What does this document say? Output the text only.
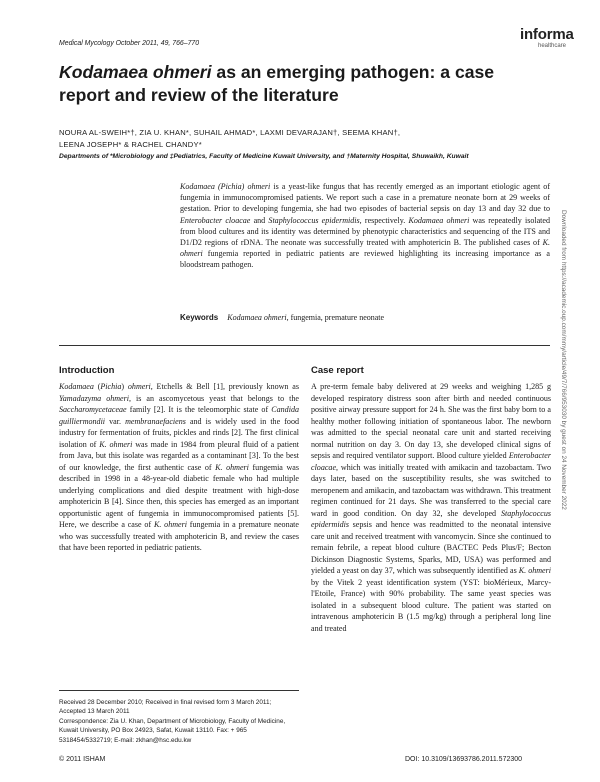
Medical Mycology October 2011, 49, 766–770
informa
healthcare
Kodamaea ohmeri as an emerging pathogen: a case report and review of the literature
NOURA AL-SWEIH*†, ZIA U. KHAN*, SUHAIL AHMAD*, LAXMI DEVARAJAN†, SEEMA KHAN†,
LEENA JOSEPH* & RACHEL CHANDY*
Departments of *Microbiology and ‡Pediatrics, Faculty of Medicine Kuwait University, and †Maternity Hospital, Shuwaikh, Kuwait
Kodamaea (Pichia) ohmeri is a yeast-like fungus that has recently emerged as an important etiologic agent of fungemia in immunocompromised patients. We report such a case in a premature neonate born at 29 weeks of gestation. Prior to developing fungemia, she had two episodes of bacterial sepsis on day 13 and day 32 due to Enterobacter cloacae and Staphylococcus epidermidis, respectively. Kodamaea ohmeri was repeatedly isolated from blood cultures and its identity was determined by phenotypic characteristics and sequencing of the ITS and D1/D2 regions of rDNA. The neonate was successfully treated with amphotericin B. The published cases of K. ohmeri fungemia reported in pediatric patients are reviewed highlighting its increasing importance as a bloodstream pathogen.
Keywords Kodamaea ohmeri, fungemia, premature neonate
Introduction
Kodamaea (Pichia) ohmeri, Etchells & Bell [1], previously known as Yamadazyma ohmeri, is an ascomycetous yeast that belongs to the Saccharomycetaceae family [2]. It is the teleomorphic state of Candida guilliermondii var. membranaefaciens and is widely used in the food industry for fermentation of fruits, pickles and rinds [2]. The first clinical isolation of K. ohmeri was made in 1984 from pleural fluid of a patient from Java, but this isolate was regarded as a contaminant [3]. To the best of our knowledge, the first authentic case of K. ohmeri fungemia was described in 1998 in a 48-year-old diabetic female who had multiple underlying complications and died despite treatment with high-dose amphotericin B [4]. Since then, this species has emerged as an important opportunistic agent of fungemia in immunocompromised patients [5]. Here, we describe a case of K. ohmeri fungemia in a premature neonate who was successfully treated with amphotericin B, and review the cases that have been reported in pediatric patients.
Received 28 December 2010; Received in final revised form 3 March 2011; Accepted 13 March 2011
Correspondence: Zia U. Khan, Department of Microbiology, Faculty of Medicine, Kuwait University, PO Box 24923, Safat, Kuwait 13110. Fax: + 965 5318454/5332719; E-mail: zkhan@hsc.edu.kw
Case report
A pre-term female baby delivered at 29 weeks and weighing 1,285 g developed respiratory distress soon after birth and needed continuous positive airway pressure support for 24 h. She was the first baby born to a healthy mother following initiation of spontaneous labor. The newborn was admitted to the special neonatal care unit and started receiving normal nutrition on day 3. On day 13, she developed clinical signs of sepsis and required ventilator support. Blood culture yielded Enterobacter cloacae, which was initially treated with amikacin and tazobactam. Two days later, based on the susceptibility results, she was switched to meropenem and amikacin, and tazobactam was withdrawn. This treatment regimen continued for 21 days. She was transferred to the special care ward in good condition. On day 32, she developed Staphylococcus epidermidis sepsis and hence was readmitted to the neonatal intensive care unit and received treatment with vancomycin. Since she continued to remain febrile, a repeat blood culture (BACTEC Peds Plus/F; Becton Dickinson Diagnostic Systems, Sparks, MD, USA) was performed and yielded a yeast on day 37, which was subsequently identified as K. ohmeri by the Vitek 2 yeast identification system (YST: bioMérieux, Marcy-l'Etoile, France) with 90% probability. The same yeast species was isolated in a subsequent blood culture. The patient was started on intravenous amphotericin B (1.5 mg/kg) through a peripheral long line and treated
© 2011 ISHAM	DOI: 10.3109/13693786.2011.572300
Downloaded from https://academic.oup.com/mmy/article/49/7/766/953030 by guest on 24 November 2022
